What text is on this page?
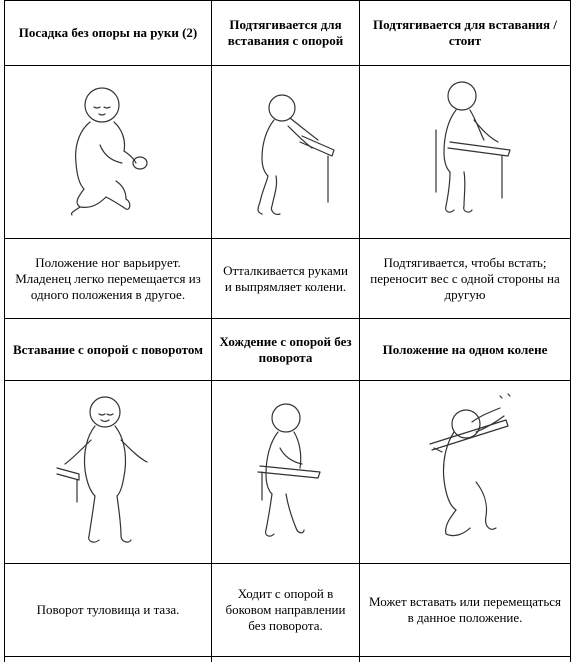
Посадка без опоры на руки (2)
Подтягивается для вставания с опорой
Подтягивается для вставания / стоит
Положение ног варьирует. Младенец легко перемещается из одного положения в другое.
Отталкивается руками и выпрямляет колени.
Подтягивается, чтобы встать; переносит вес с одной стороны на другую
Вставание с опорой с поворотом
Хождение с опорой без поворота
Положение на одном колене
Поворот туловища и таза.
Ходит с опорой в боковом направлении без поворота.
Может вставать или перемещаться в данное положение.
